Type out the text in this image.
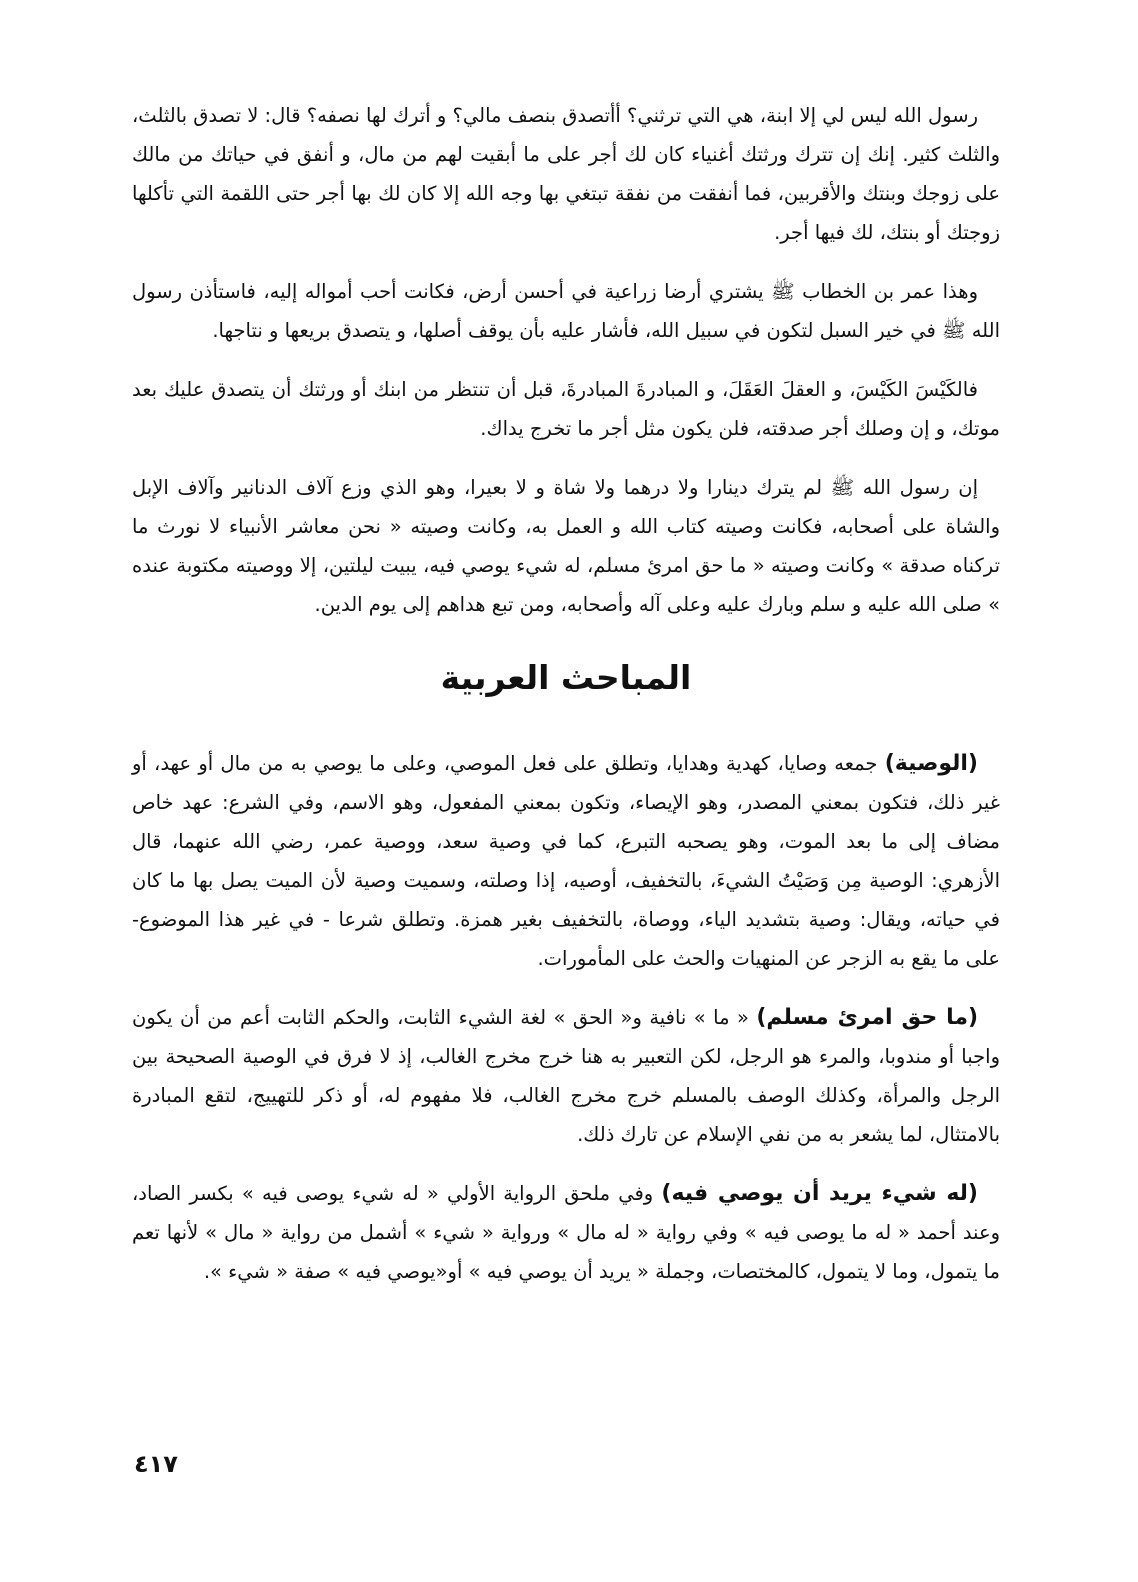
رسول الله ليس لي إلا ابنة، هي التي ترثني؟ أأتصدق بنصف مالي؟ و أترك لها نصفه؟ قال: لا تصدق بالثلث، والثلث كثير. إنك إن تترك ورثتك أغنياء كان لك أجر على ما أبقيت لهم من مال، و أنفق في حياتك من مالك على زوجك وبنتك والأقربين، فما أنفقت من نفقة تبتغي بها وجه الله إلا كان لك بها أجر حتى اللقمة التي تأكلها زوجتك أو بنتك، لك فيها أجر.

وهذا عمر بن الخطاب ﷺ يشتري أرضا زراعية في أحسن أرض، فكانت أحب أمواله إليه، فاستأذن رسول الله ﷺ في خير السبل لتكون في سبيل الله، فأشار عليه بأن يوقف أصلها، و يتصدق بريعها و نتاجها.

فالكَيْسَ الكَيْسَ، و العقلَ العَقَلَ، و المبادرةَ المبادرةَ، قبل أن تنتظر من ابنك أو ورثتك أن يتصدق عليك بعد موتك، و إن وصلك أجر صدقته، فلن يكون مثل أجر ما تخرج يداك.

إن رسول الله ﷺ لم يترك دينارا ولا درهما ولا شاة و لا بعيرا، وهو الذي وزع آلاف الدنانير وآلاف الإبل والشاة على أصحابه، فكانت وصيته كتاب الله و العمل به، وكانت وصيته « نحن معاشر الأنبياء لا نورث ما تركناه صدقة » وكانت وصيته « ما حق امرئ مسلم، له شيء يوصي فيه، يبيت ليلتين، إلا ووصيته مكتوبة عنده » صلى الله عليه و سلم وبارك عليه وعلى آله وأصحابه، ومن تبع هداهم إلى يوم الدين.

المباحث العربية

(الوصية) جمعه وصايا، كهدية وهدايا، وتطلق على فعل الموصي، وعلى ما يوصي به من مال أو عهد، أو غير ذلك، فتكون بمعني المصدر، وهو الإيصاء، وتكون بمعني المفعول، وهو الاسم، وفي الشرع: عهد خاص مضاف إلى ما بعد الموت، وهو يصحبه التبرع، كما في وصية سعد، ووصية عمر، رضي الله عنهما، قال الأزهري: الوصية مِن وَصَيْتُ الشيءَ، بالتخفيف، أوصيه، إذا وصلته، وسميت وصية لأن الميت يصل بها ما كان في حياته، ويقال: وصية بتشديد الياء، ووصاة، بالتخفيف بغير همزة. وتطلق شرعا - في غير هذا الموضوع- على ما يقع به الزجر عن المنهيات والحث على المأمورات.

(ما حق امرئ مسلم) « ما » نافية و« الحق » لغة الشيء الثابت، والحكم الثابت أعم من أن يكون واجبا أو مندوبا، والمرء هو الرجل، لكن التعبير به هنا خرج مخرج الغالب، إذ لا فرق في الوصية الصحيحة بين الرجل والمرأة، وكذلك الوصف بالمسلم خرج مخرج الغالب، فلا مفهوم له، أو ذكر للتهييج، لتقع المبادرة بالامتثال، لما يشعر به من نفي الإسلام عن تارك ذلك.

(له شيء يريد أن يوصي فيه) وفي ملحق الرواية الأولي « له شيء يوصى فيه » بكسر الصاد، وعند أحمد « له ما يوصى فيه » وفي رواية « له مال » ورواية « شيء » أشمل من رواية « مال » لأنها تعم ما يتمول، وما لا يتمول، كالمختصات، وجملة « يريد أن يوصي فيه » أو«يوصي فيه » صفة « شيء ».

٤١٧
